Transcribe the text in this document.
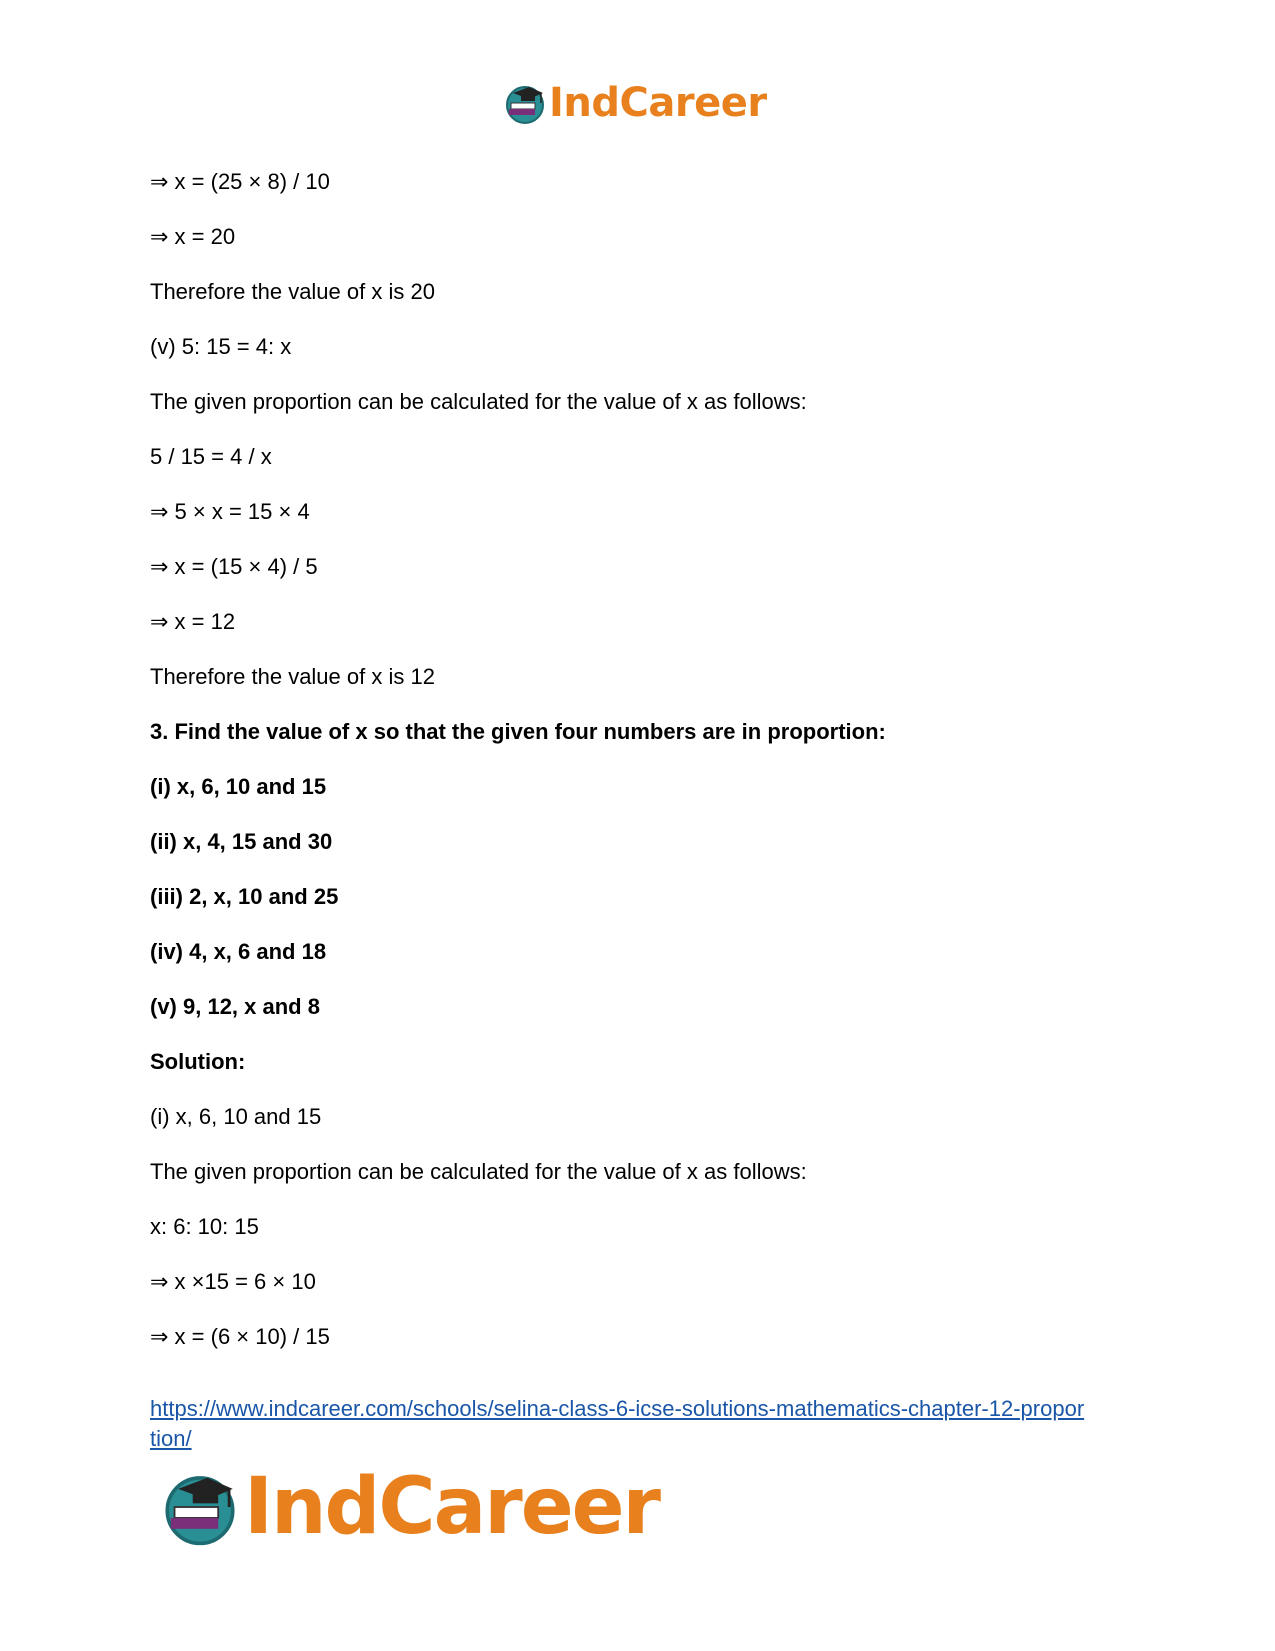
IndCareer
⇒ x = (25 × 8) / 10
⇒ x = 20
Therefore the value of x is 20
(v) 5: 15 = 4: x
The given proportion can be calculated for the value of x as follows:
5 / 15 = 4 / x
⇒ 5 × x = 15 × 4
⇒ x = (15 × 4) / 5
⇒ x = 12
Therefore the value of x is 12
3. Find the value of x so that the given four numbers are in proportion:
(i) x, 6, 10 and 15
(ii) x, 4, 15 and 30
(iii) 2, x, 10 and 25
(iv) 4, x, 6 and 18
(v) 9, 12, x and 8
Solution:
(i) x, 6, 10 and 15
The given proportion can be calculated for the value of x as follows:
x: 6: 10: 15
⇒ x ×15 = 6 × 10
⇒ x = (6 × 10) / 15
https://www.indcareer.com/schools/selina-class-6-icse-solutions-mathematics-chapter-12-propor
tion/
IndCareer
